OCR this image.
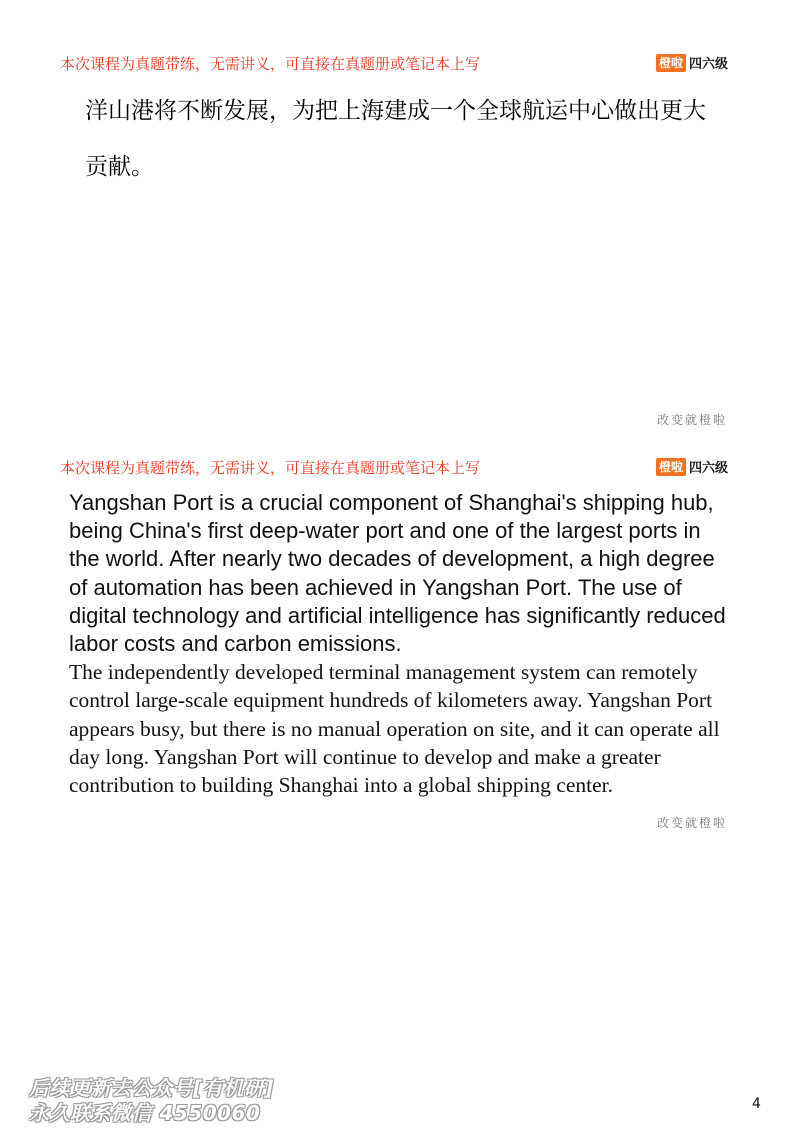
本次课程为真题带练，无需讲义，可直接在真题册或笔记本上写	橙啦 四六级
洋山港将不断发展，为把上海建成一个全球航运中心做出更大贡献。
改变就橙啦
本次课程为真题带练，无需讲义，可直接在真题册或笔记本上写	橙啦 四六级
Yangshan Port is a crucial component of Shanghai's shipping hub, being China's first deep-water port and one of the largest ports in the world. After nearly two decades of development, a high degree of automation has been achieved in Yangshan Port. The use of digital technology and artificial intelligence has significantly reduced labor costs and carbon emissions.

The independently developed terminal management system can remotely control large-scale equipment hundreds of kilometers away. Yangshan Port appears busy, but there is no manual operation on site, and it can operate all day long. Yangshan Port will continue to develop and make a greater contribution to building Shanghai into a global shipping center.

改变就橙啦
后续更新去公众号[有机研]
永久联系微信 4550060	4
